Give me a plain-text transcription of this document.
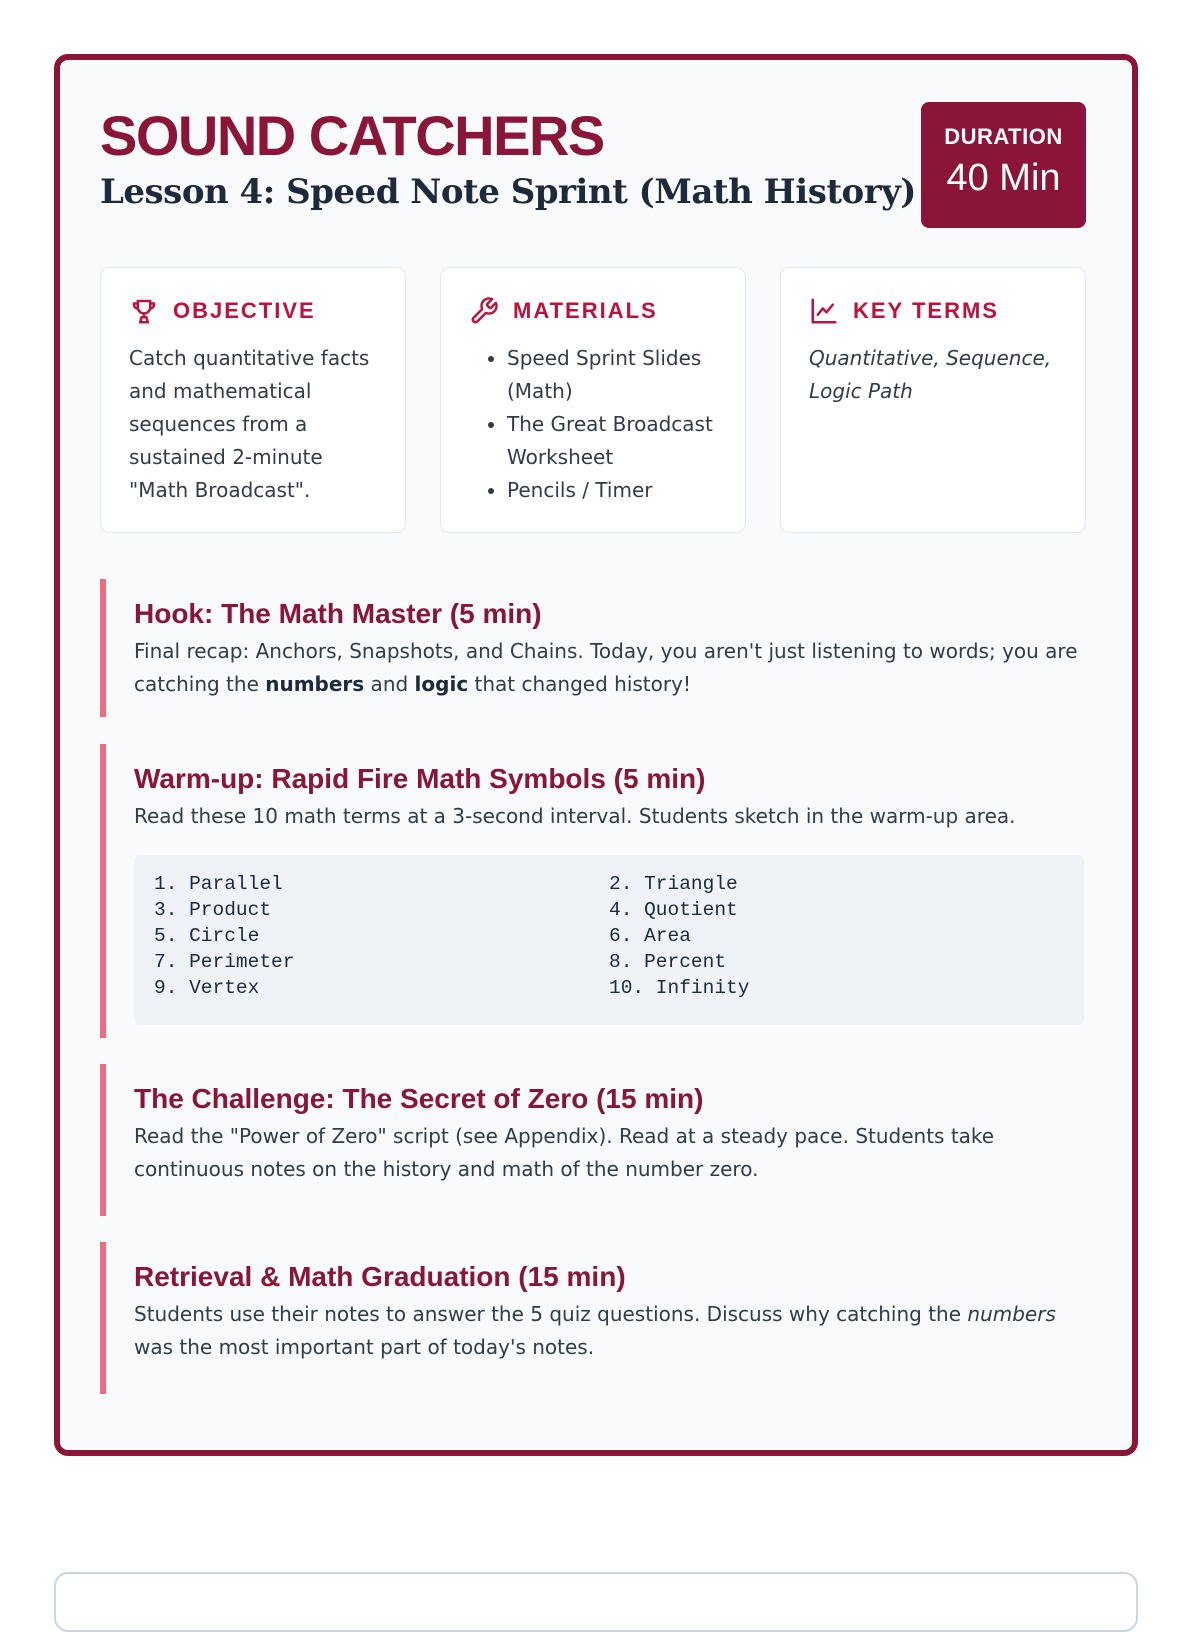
SOUND CATCHERS
Lesson 4: Speed Note Sprint (Math History)
DURATION
40 Min
OBJECTIVE
Catch quantitative facts and mathematical sequences from a sustained 2-minute "Math Broadcast".
MATERIALS
• Speed Sprint Slides (Math)
• The Great Broadcast Worksheet
• Pencils / Timer
KEY TERMS
Quantitative, Sequence, Logic Path
Hook: The Math Master (5 min)
Final recap: Anchors, Snapshots, and Chains. Today, you aren't just listening to words; you are catching the numbers and logic that changed history!
Warm-up: Rapid Fire Math Symbols (5 min)
Read these 10 math terms at a 3-second interval. Students sketch in the warm-up area.
1. Parallel	2. Triangle
3. Product	4. Quotient
5. Circle	6. Area
7. Perimeter	8. Percent
9. Vertex	10. Infinity
The Challenge: The Secret of Zero (15 min)
Read the "Power of Zero" script (see Appendix). Read at a steady pace. Students take continuous notes on the history and math of the number zero.
Retrieval & Math Graduation (15 min)
Students use their notes to answer the 5 quiz questions. Discuss why catching the numbers was the most important part of today's notes.
